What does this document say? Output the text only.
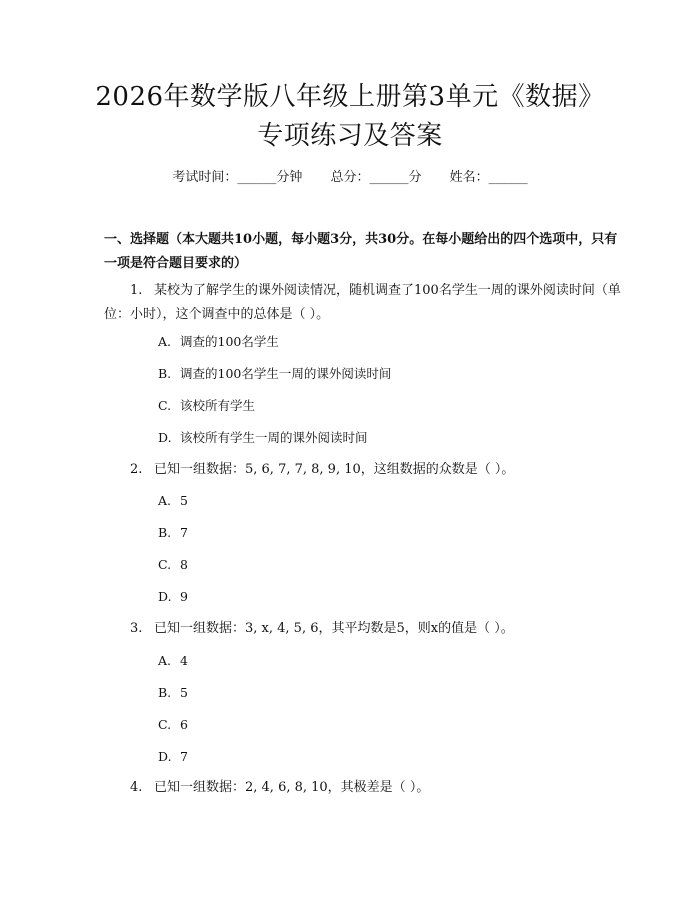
2026年数学版八年级上册第3单元《数据》
专项练习及答案
考试时间：______分钟 总分：______分 姓名：______
一、选择题（本大题共10小题，每小题3分，共30分。在每小题给出的四个选项中，只有一项是符合题目要求的）
1. 某校为了解学生的课外阅读情况，随机调查了100名学生一周的课外阅读时间（单位：小时），这个调查中的总体是（ ）。
A. 调查的100名学生
B. 调查的100名学生一周的课外阅读时间
C. 该校所有学生
D. 该校所有学生一周的课外阅读时间
2. 已知一组数据：5, 6, 7, 7, 8, 9, 10，这组数据的众数是（ ）。
A. 5
B. 7
C. 8
D. 9
3. 已知一组数据：3, x, 4, 5, 6，其平均数是5，则x的值是（ ）。
A. 4
B. 5
C. 6
D. 7
4. 已知一组数据：2, 4, 6, 8, 10，其极差是（ ）。
